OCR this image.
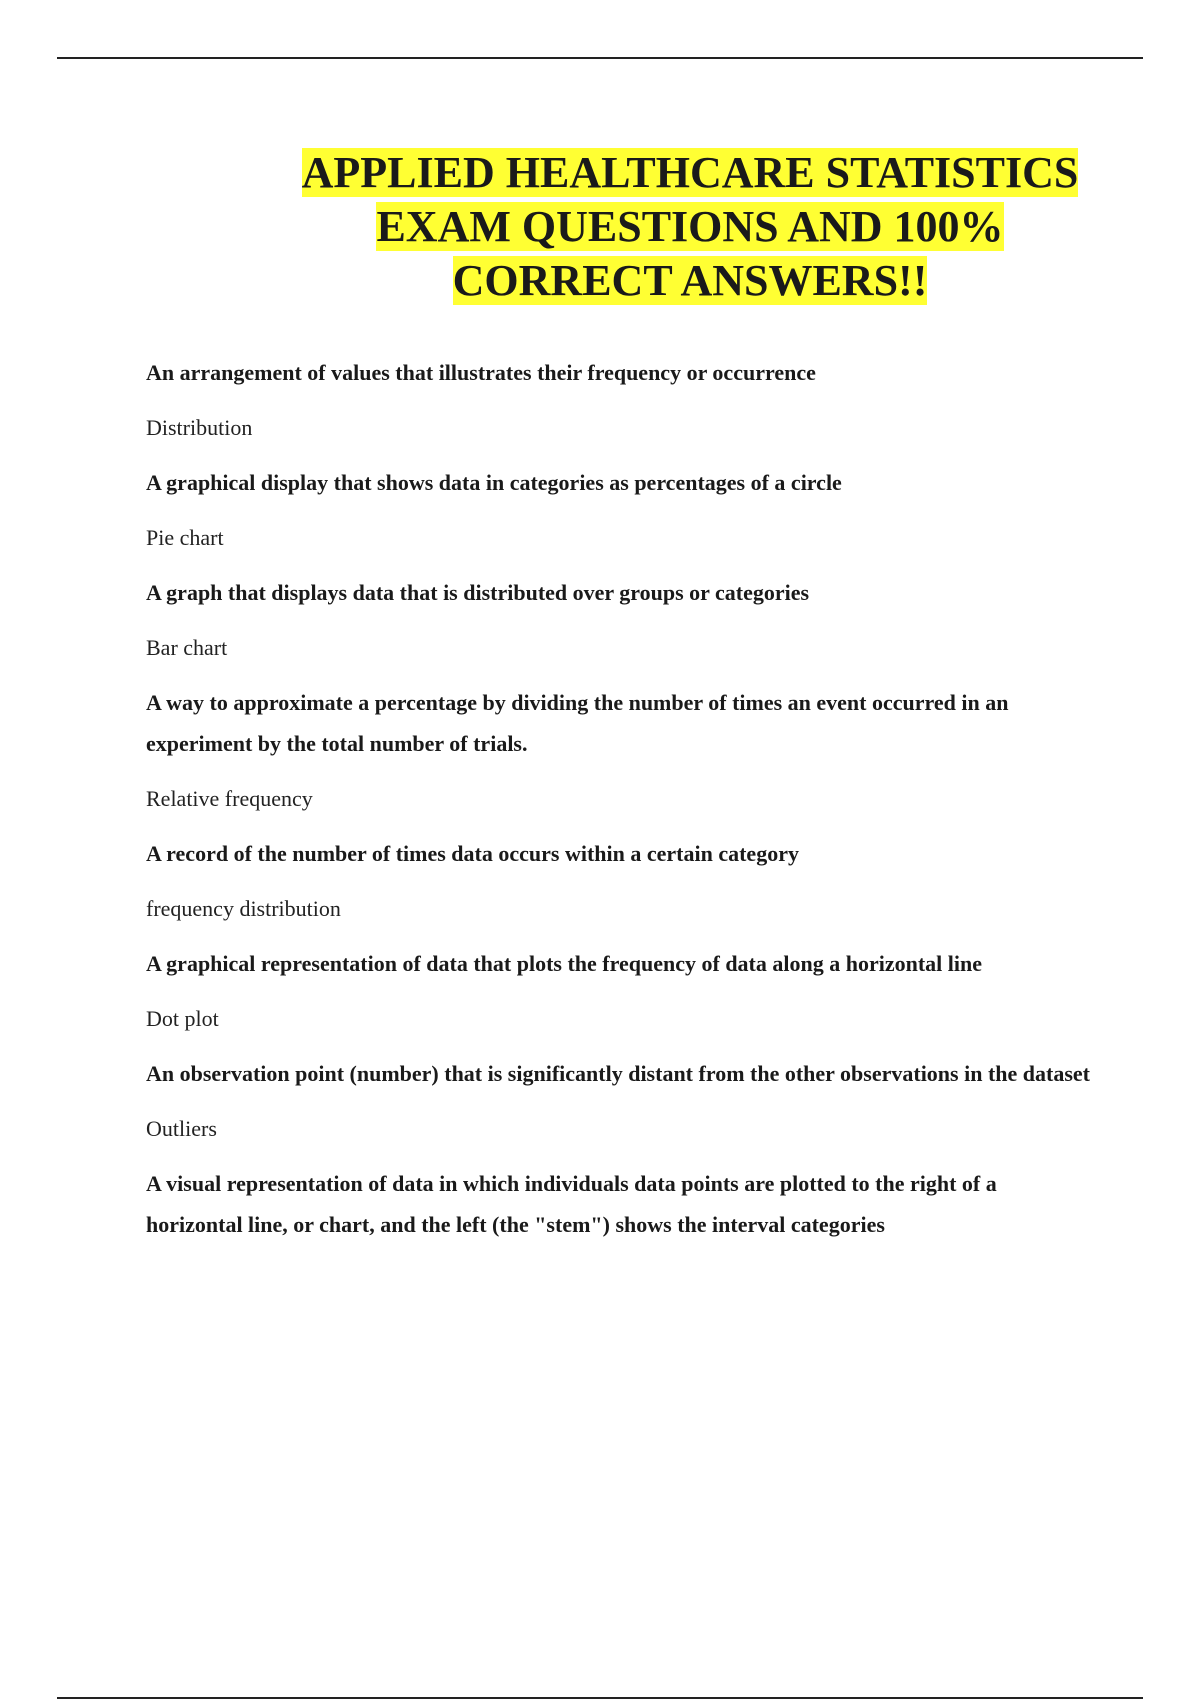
APPLIED HEALTHCARE STATISTICS
EXAM QUESTIONS AND 100%
CORRECT ANSWERS!!

An arrangement of values that illustrates their frequency or occurrence

Distribution

A graphical display that shows data in categories as percentages of a circle

Pie chart

A graph that displays data that is distributed over groups or categories

Bar chart

A way to approximate a percentage by dividing the number of times an event occurred in an experiment by the total number of trials.

Relative frequency

A record of the number of times data occurs within a certain category

frequency distribution

A graphical representation of data that plots the frequency of data along a horizontal line

Dot plot

An observation point (number) that is significantly distant from the other observations in the dataset

Outliers

A visual representation of data in which individuals data points are plotted to the right of a horizontal line, or chart, and the left (the "stem") shows the interval categories
